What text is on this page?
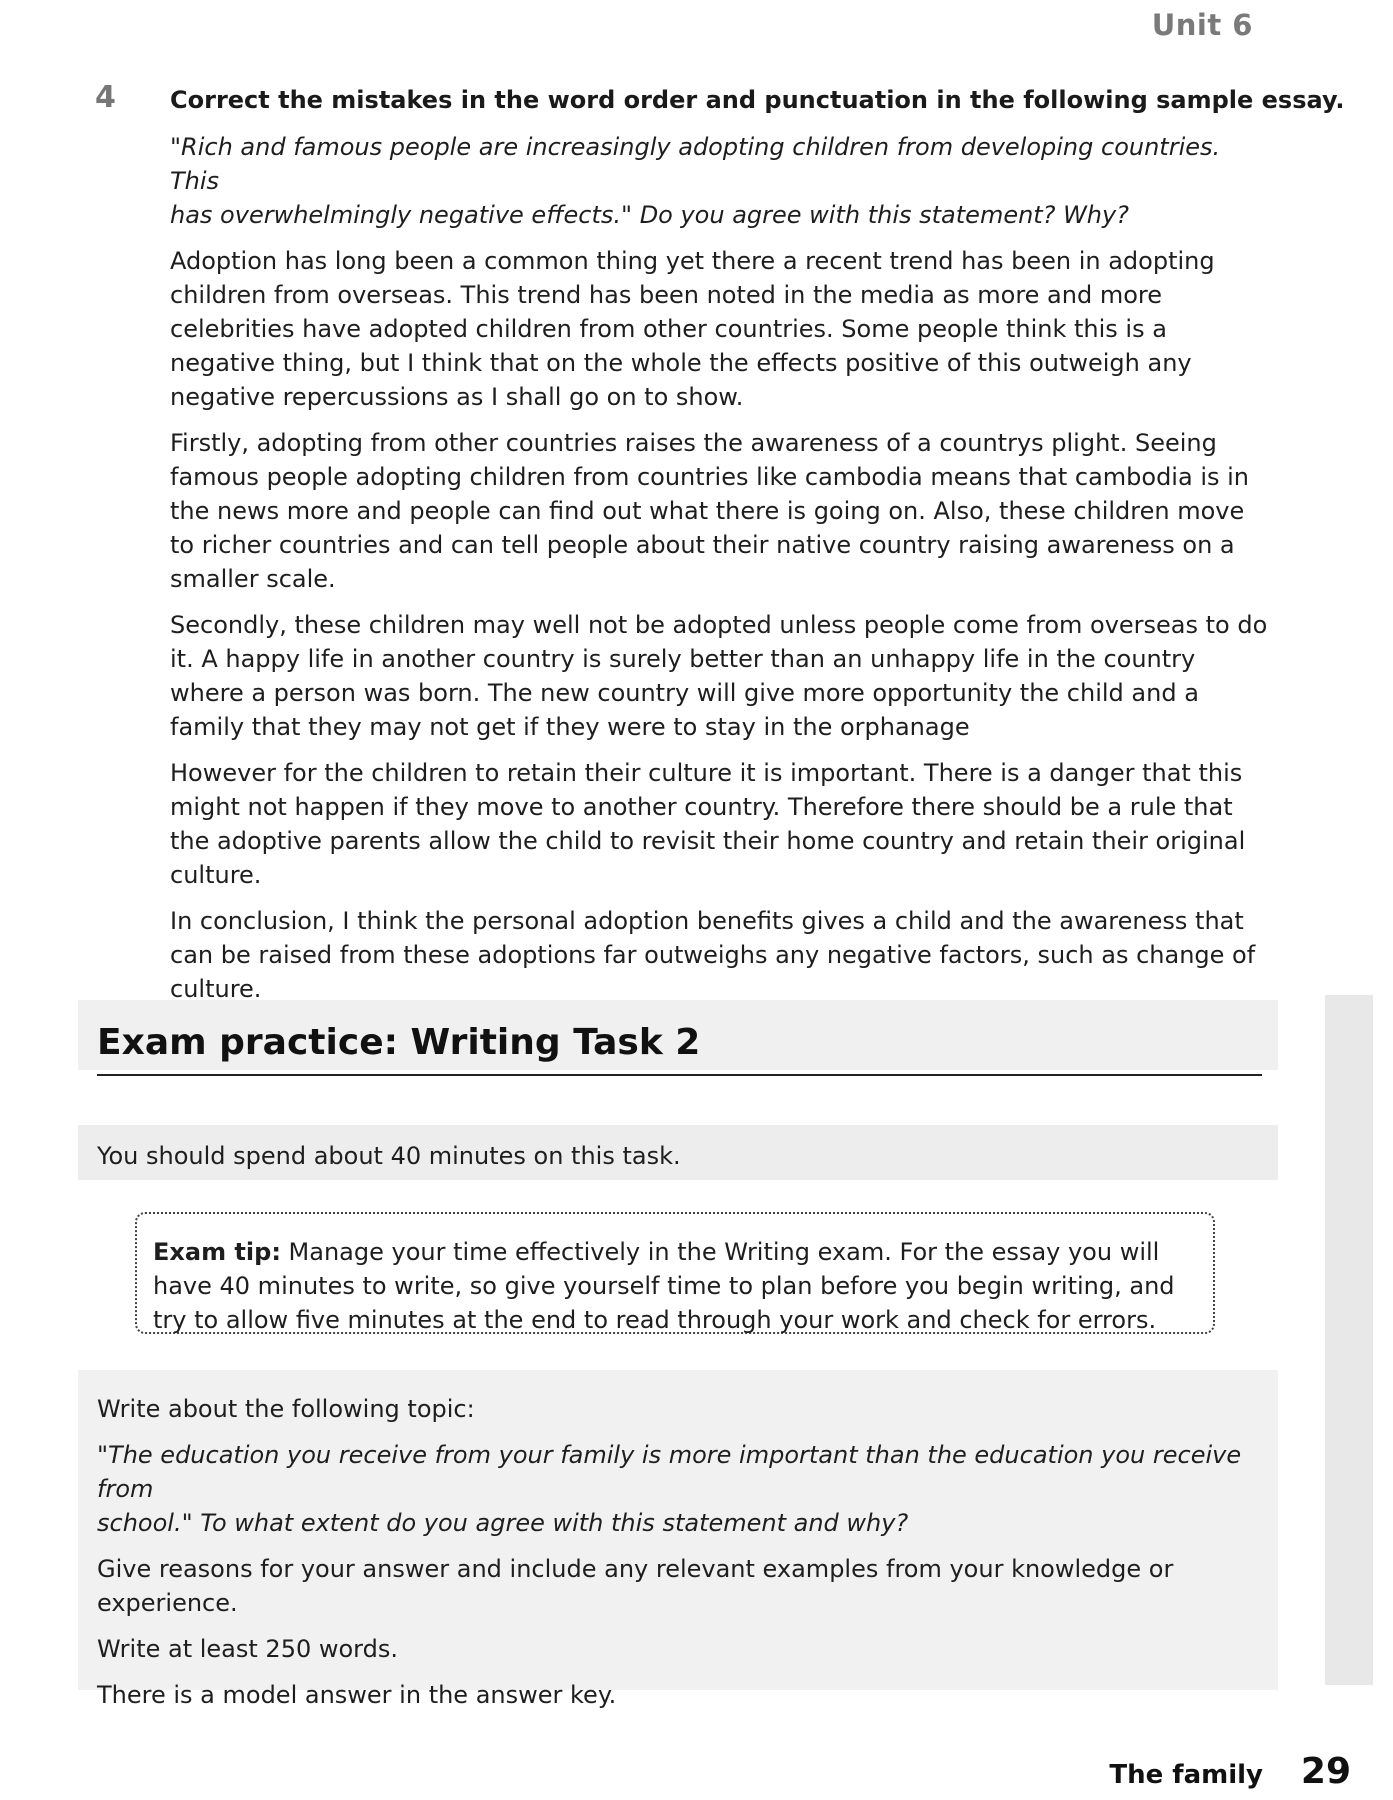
Unit 6
4 Correct the mistakes in the word order and punctuation in the following sample essay.

"Rich and famous people are increasingly adopting children from developing countries. This
has overwhelmingly negative effects." Do you agree with this statement? Why?

Adoption has long been a common thing yet there a recent trend has been in adopting children from overseas. This trend has been noted in the media as more and more celebrities have adopted children from other countries. Some people think this is a negative thing, but I think that on the whole the effects positive of this outweigh any negative repercussions as I shall go on to show.

Firstly, adopting from other countries raises the awareness of a countrys plight. Seeing famous people adopting children from countries like cambodia means that cambodia is in the news more and people can find out what there is going on. Also, these children move to richer countries and can tell people about their native country raising awareness on a smaller scale.

Secondly, these children may well not be adopted unless people come from overseas to do it. A happy life in another country is surely better than an unhappy life in the country where a person was born. The new country will give more opportunity the child and a family that they may not get if they were to stay in the orphanage

However for the children to retain their culture it is important. There is a danger that this might not happen if they move to another country. Therefore there should be a rule that the adoptive parents allow the child to revisit their home country and retain their original culture.

In conclusion, I think the personal adoption benefits gives a child and the awareness that can be raised from these adoptions far outweighs any negative factors, such as change of culture.

Exam practice: Writing Task 2
You should spend about 40 minutes on this task.
Exam tip: Manage your time effectively in the Writing exam. For the essay you will have 40 minutes to write, so give yourself time to plan before you begin writing, and try to allow five minutes at the end to read through your work and check for errors.

Write about the following topic:

"The education you receive from your family is more important than the education you receive from
school." To what extent do you agree with this statement and why?

Give reasons for your answer and include any relevant examples from your knowledge or experience.

Write at least 250 words.

There is a model answer in the answer key.

The family 29
